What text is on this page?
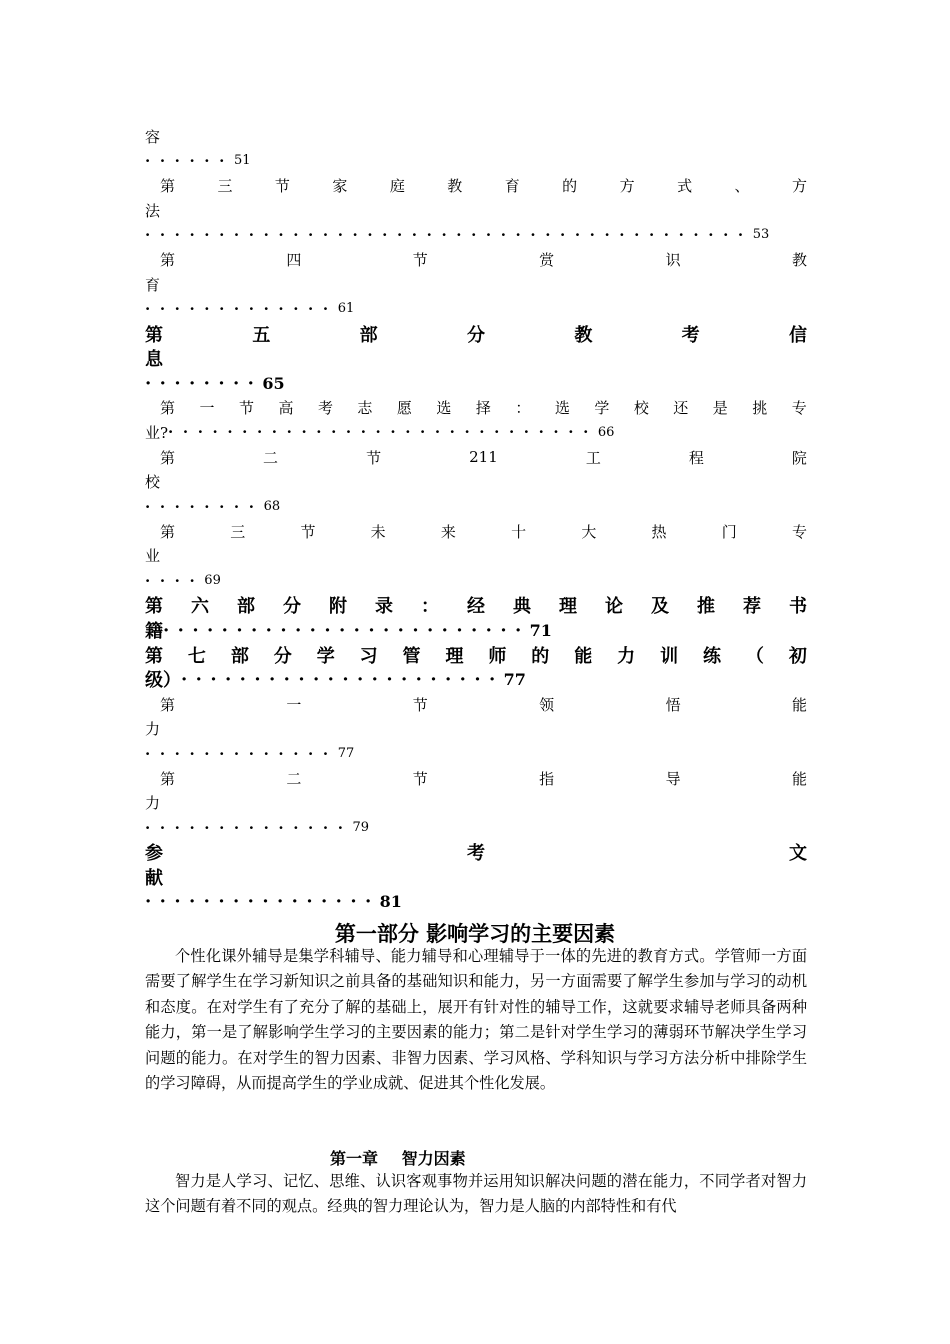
容
······ 51
第	三	节	家	庭	教	育	的	方	式	、	方
法
········································· 53
第	四	节	赏	识	教
育
············· 61
第	五	部	分	教	考	信
息
········ 65
第 一 节 高 考 志 愿 选 择 ： 选 学 校 还 是 挑 专
业? ····························· 66
第	二	节	211	工	程	院
校
········ 68
第	三	节	未	来	十	大	热	门	专
业
···· 69
第 六 部 分 附 录 ： 经 典 理 论 及 推 荐 书
籍 ························· 71
第 七 部 分 学 习 管 理 师 的 能 力 训 练 （ 初
级） ······················ 77
第	一	节	领	悟	能
力
············· 77
第	二	节	指	导	能
力
·············· 79
参	考	文
献
················ 81
第一部分 影响学习的主要因素
个性化课外辅导是集学科辅导、能力辅导和心理辅导于一体的先进的教育方式。学管师一方面需要了解学生在学习新知识之前具备的基础知识和能力，另一方面需要了解学生参加与学习的动机和态度。在对学生有了充分了解的基础上，展开有针对性的辅导工作，这就要求辅导老师具备两种能力，第一是了解影响学生学习的主要因素的能力；第二是针对学生学习的薄弱环节解决学生学习问题的能力。在对学生的智力因素、非智力因素、学习风格、学科知识与学习方法分析中排除学生的学习障碍，从而提高学生的学业成就、促进其个性化发展。
第一章 智力因素
智力是人学习、记忆、思维、认识客观事物并运用知识解决问题的潜在能力，不同学者对智力这个问题有着不同的观点。经典的智力理论认为，智力是人脑的内部特性和有代
